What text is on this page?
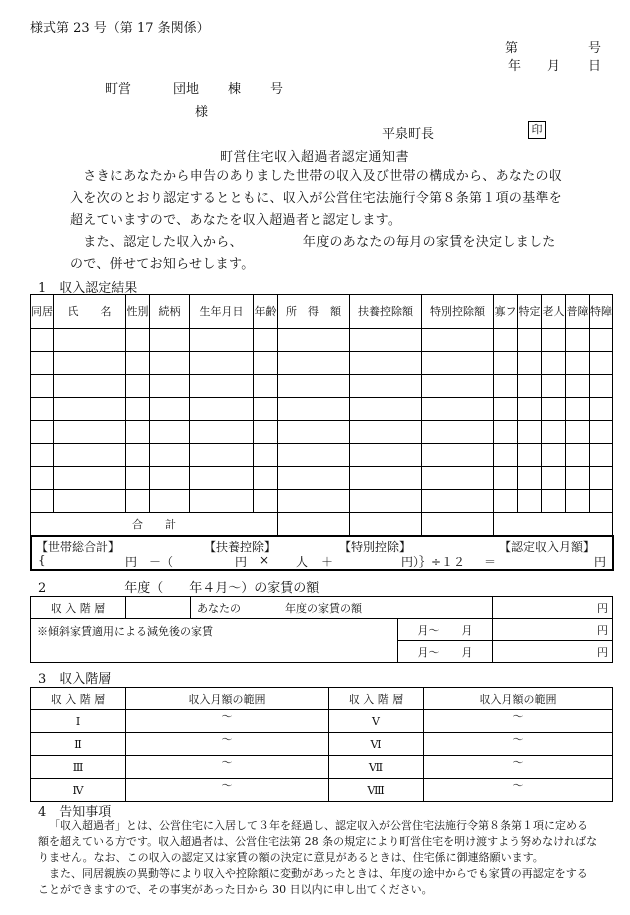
様式第 23 号（第 17 条関係）
第	号
年 月 日
町営	団地 棟 号
様
平泉町長	印
町営住宅収入超過者認定通知書
　さきにあなたから申告のありました世帯の収入及び世帯の構成から、あなたの収入を次のとおり認定するとともに、収入が公営住宅法施行令第８条第１項の基準を超えていますので、あなたを収入超過者と認定します。
　また、認定した収入から、　　　　　年度のあなたの毎月の家賃を決定しましたので、併せてお知らせします。
1　収入認定結果
同居	氏　　名	性別	続柄	生年月日	年齢	所　得　額	扶養控除額	特別控除額	寡フ	特定	老人	普障	特障

合　　計													
【世帯総合計】	【扶養控除】	【特別控除】	【認定収入月額】
{	円 －（	円 × 人 ＋	円）｝÷１２ ＝	円
2　　　　　　年度（　　年４月～）の家賃の額
収 入 階 層		あなたの　　　　年度の家賃の額		円
※傾斜家賃適用による減免後の家賃			月～　　月	円
			月～　　月	円
3　収入階層
収 入 階 層	収入月額の範囲	収 入 階 層	収入月額の範囲
Ⅰ	～	Ⅴ	～
Ⅱ	～	Ⅵ	～
Ⅲ	～	Ⅶ	～
Ⅳ	～	Ⅷ	～
4　告知事項
「収入超過者」とは、公営住宅に入居して３年を経過し、認定収入が公営住宅法施行令第８条第１項に定める額を超えている方です。収入超過者は、公営住宅法第 28 条の規定により町営住宅を明け渡すよう努めなければなりません。なお、この収入の認定又は家賃の額の決定に意見があるときは、住宅係に御連絡願います。
　また、同居親族の異動等により収入や控除額に変動があったときは、年度の途中からでも家賃の再認定をすることができますので、その事実があった日から 30 日以内に申し出てください。
